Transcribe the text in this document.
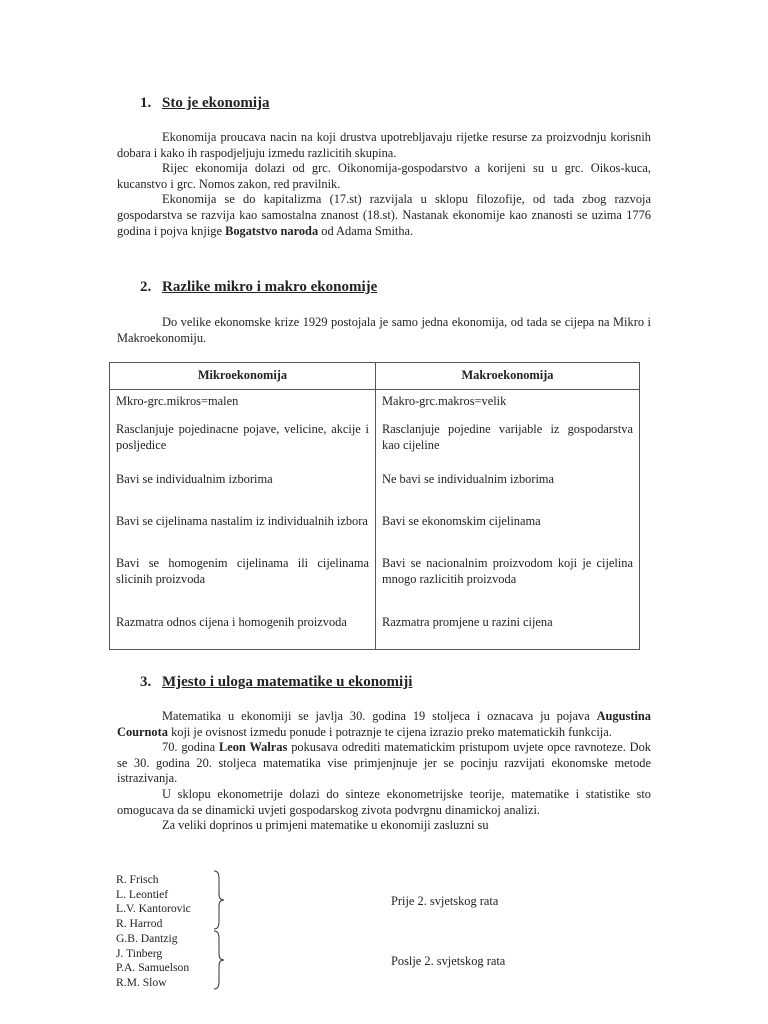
1. Sto je ekonomija

Ekonomija proucava nacin na koji drustva upotrebljavaju rijetke resurse za proizvodnju korisnih dobara i kako ih raspodjeljuju izmedu razlicitih skupina.

Rijec ekonomija dolazi od grc. Oikonomija-gospodarstvo a korijeni su u grc. Oikos-kuca, kucanstvo i grc. Nomos zakon, red pravilnik.

Ekonomija se do kapitalizma (17.st) razvijala u sklopu filozofije, od tada zbog razvoja gospodarstva se razvija kao samostalna znanost (18.st). Nastanak ekonomije kao znanosti se uzima 1776 godina i pojva knjige Bogatstvo naroda od Adama Smitha.

2. Razlike mikro i makro ekonomije

Do velike ekonomske krize 1929 postojala je samo jedna ekonomija, od tada se cijepa na Mikro i Makroekonomiju.

Mikroekonomija	Makroekonomija
Mkro-grc.mikros=malen	Makro-grc.makros=velik
Rasclanjuje pojedinacne pojave, velicine, akcije i posljedice	Rasclanjuje pojedine varijable iz gospodarstva kao cijeline
Bavi se individualnim izborima	Ne bavi se individualnim izborima
Bavi se cijelinama nastalim iz individualnih izbora	Bavi se ekonomskim cijelinama
Bavi se homogenim cijelinama ili cijelinama slicinih proizvoda	Bavi se nacionalnim proizvodom koji je cijelina mnogo razlicitih proizvoda
Razmatra odnos cijena i homogenih proizvoda	Razmatra promjene u razini cijena
3. Mjesto i uloga matematike u ekonomiji

Matematika u ekonomiji se javlja 30. godina 19 stoljeca i oznacava ju pojava Augustina Cournota koji je ovisnost izmedu ponude i potraznje te cijena izrazio preko matematickih funkcija.

70. godina Leon Walras pokusava odrediti matematickim pristupom uvjete opce ravnoteze. Dok se 30. godina 20. stoljeca matematika vise primjenjnuje jer se pocinju razvijati ekonomske metode istrazivanja.

U sklopu ekonometrije dolazi do sinteze ekonometrijske teorije, matematike i statistike sto omogucava da se dinamicki uvjeti gospodarskog zivota podvrgnu dinamickoj analizi.

Za veliki doprinos u primjeni matematike u ekonomiji zasluzni su

R. Frisch
L. Leontief
L.V. Kantorovic
R. Harrod
Prije 2. svjetskog rata
G.B. Dantzig
J. Tinberg
P.A. Samuelson
R.M. Slow
Poslje 2. svjetskog rata
